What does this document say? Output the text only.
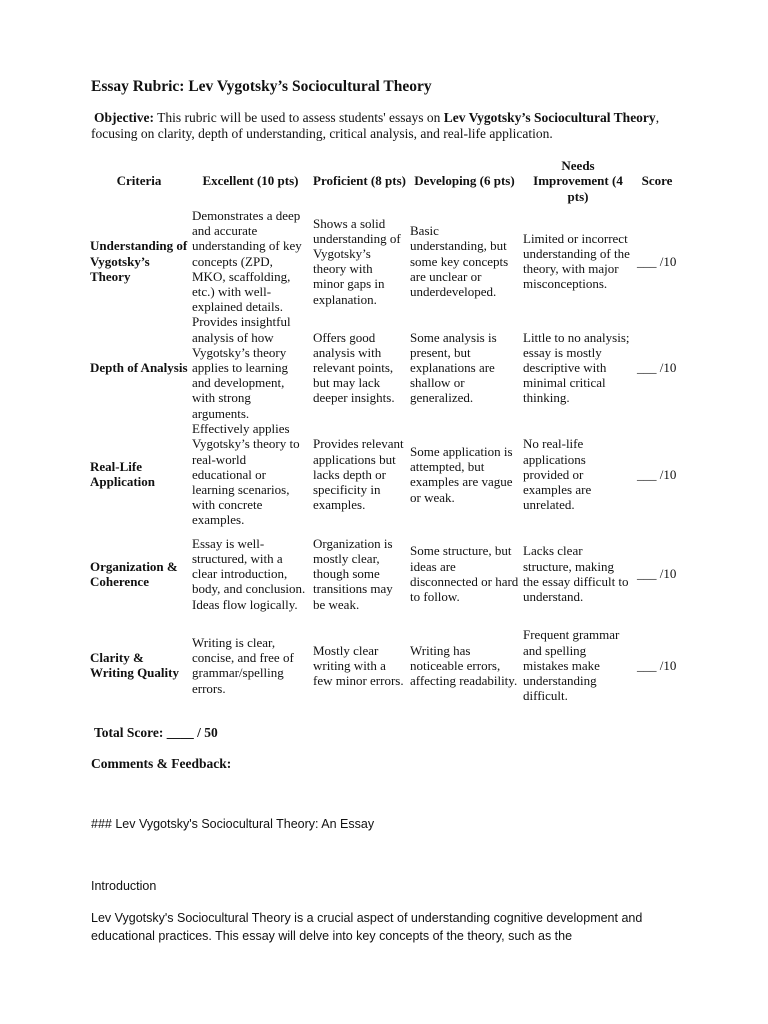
Essay Rubric: Lev Vygotsky’s Sociocultural Theory
Objective: This rubric will be used to assess students' essays on Lev Vygotsky’s Sociocultural Theory, focusing on clarity, depth of understanding, critical analysis, and real-life application.
Criteria	Excellent (10 pts)	Proficient (8 pts)	Developing (6 pts)	Needs Improvement (4 pts)	Score
Understanding of Vygotsky’s Theory	Demonstrates a deep and accurate understanding of key concepts (ZPD, MKO, scaffolding, etc.) with well-explained details.	Shows a solid understanding of Vygotsky’s theory with minor gaps in explanation.	Basic understanding, but some key concepts are unclear or underdeveloped.	Limited or incorrect understanding of the theory, with major misconceptions.	___ /10
Depth of Analysis	Provides insightful analysis of how Vygotsky’s theory applies to learning and development, with strong arguments.	Offers good analysis with relevant points, but may lack deeper insights.	Some analysis is present, but explanations are shallow or generalized.	Little to no analysis; essay is mostly descriptive with minimal critical thinking.	___ /10
Real-Life Application	Effectively applies Vygotsky’s theory to real-world educational or learning scenarios, with concrete examples.	Provides relevant applications but lacks depth or specificity in examples.	Some application is attempted, but examples are vague or weak.	No real-life applications provided or examples are unrelated.	___ /10
Organization & Coherence	Essay is well-structured, with a clear introduction, body, and conclusion. Ideas flow logically.	Organization is mostly clear, though some transitions may be weak.	Some structure, but ideas are disconnected or hard to follow.	Lacks clear structure, making the essay difficult to understand.	___ /10
Clarity & Writing Quality	Writing is clear, concise, and free of grammar/spelling errors.	Mostly clear writing with a few minor errors.	Writing has noticeable errors, affecting readability.	Frequent grammar and spelling mistakes make understanding difficult.	___ /10
Total Score: ____ / 50
Comments & Feedback:
### Lev Vygotsky's Sociocultural Theory: An Essay
Introduction
Lev Vygotsky's Sociocultural Theory is a crucial aspect of understanding cognitive development and educational practices. This essay will delve into key concepts of the theory, such as the
